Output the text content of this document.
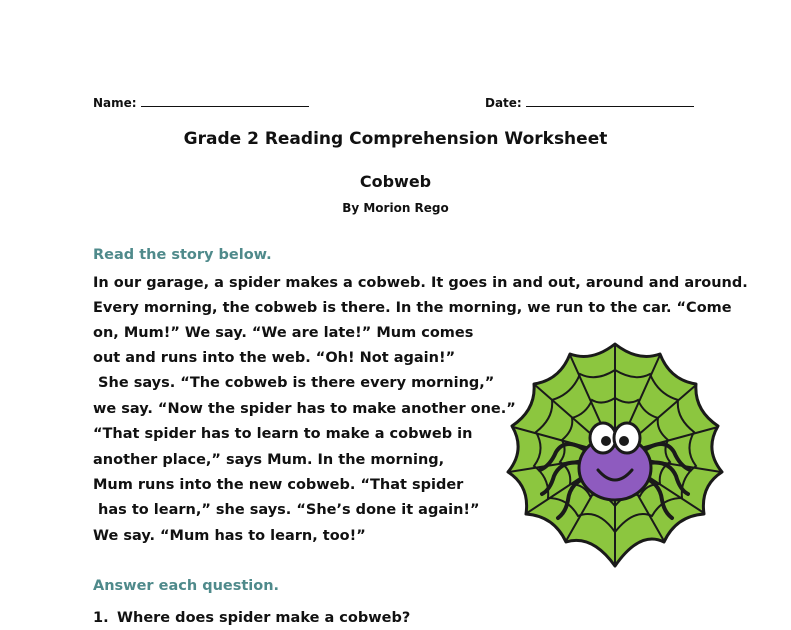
Name:	Date:
Grade 2 Reading Comprehension Worksheet
Cobweb
By Morion Rego
Read the story below.
In our garage, a spider makes a cobweb. It goes in and out, around and around.
Every morning, the cobweb is there. In the morning, we run to the car. “Come
on, Mum!” We say. “We are late!” Mum comes
out and runs into the web. “Oh! Not again!”
She says. “The cobweb is there every morning,”
we say. “Now the spider has to make another one.”
“That spider has to learn to make a cobweb in
another place,” says Mum. In the morning,
Mum runs into the new cobweb. “That spider
has to learn,” she says. “She’s done it again!”
We say. “Mum has to learn, too!”
Answer each question.
1. Where does spider make a cobweb?
